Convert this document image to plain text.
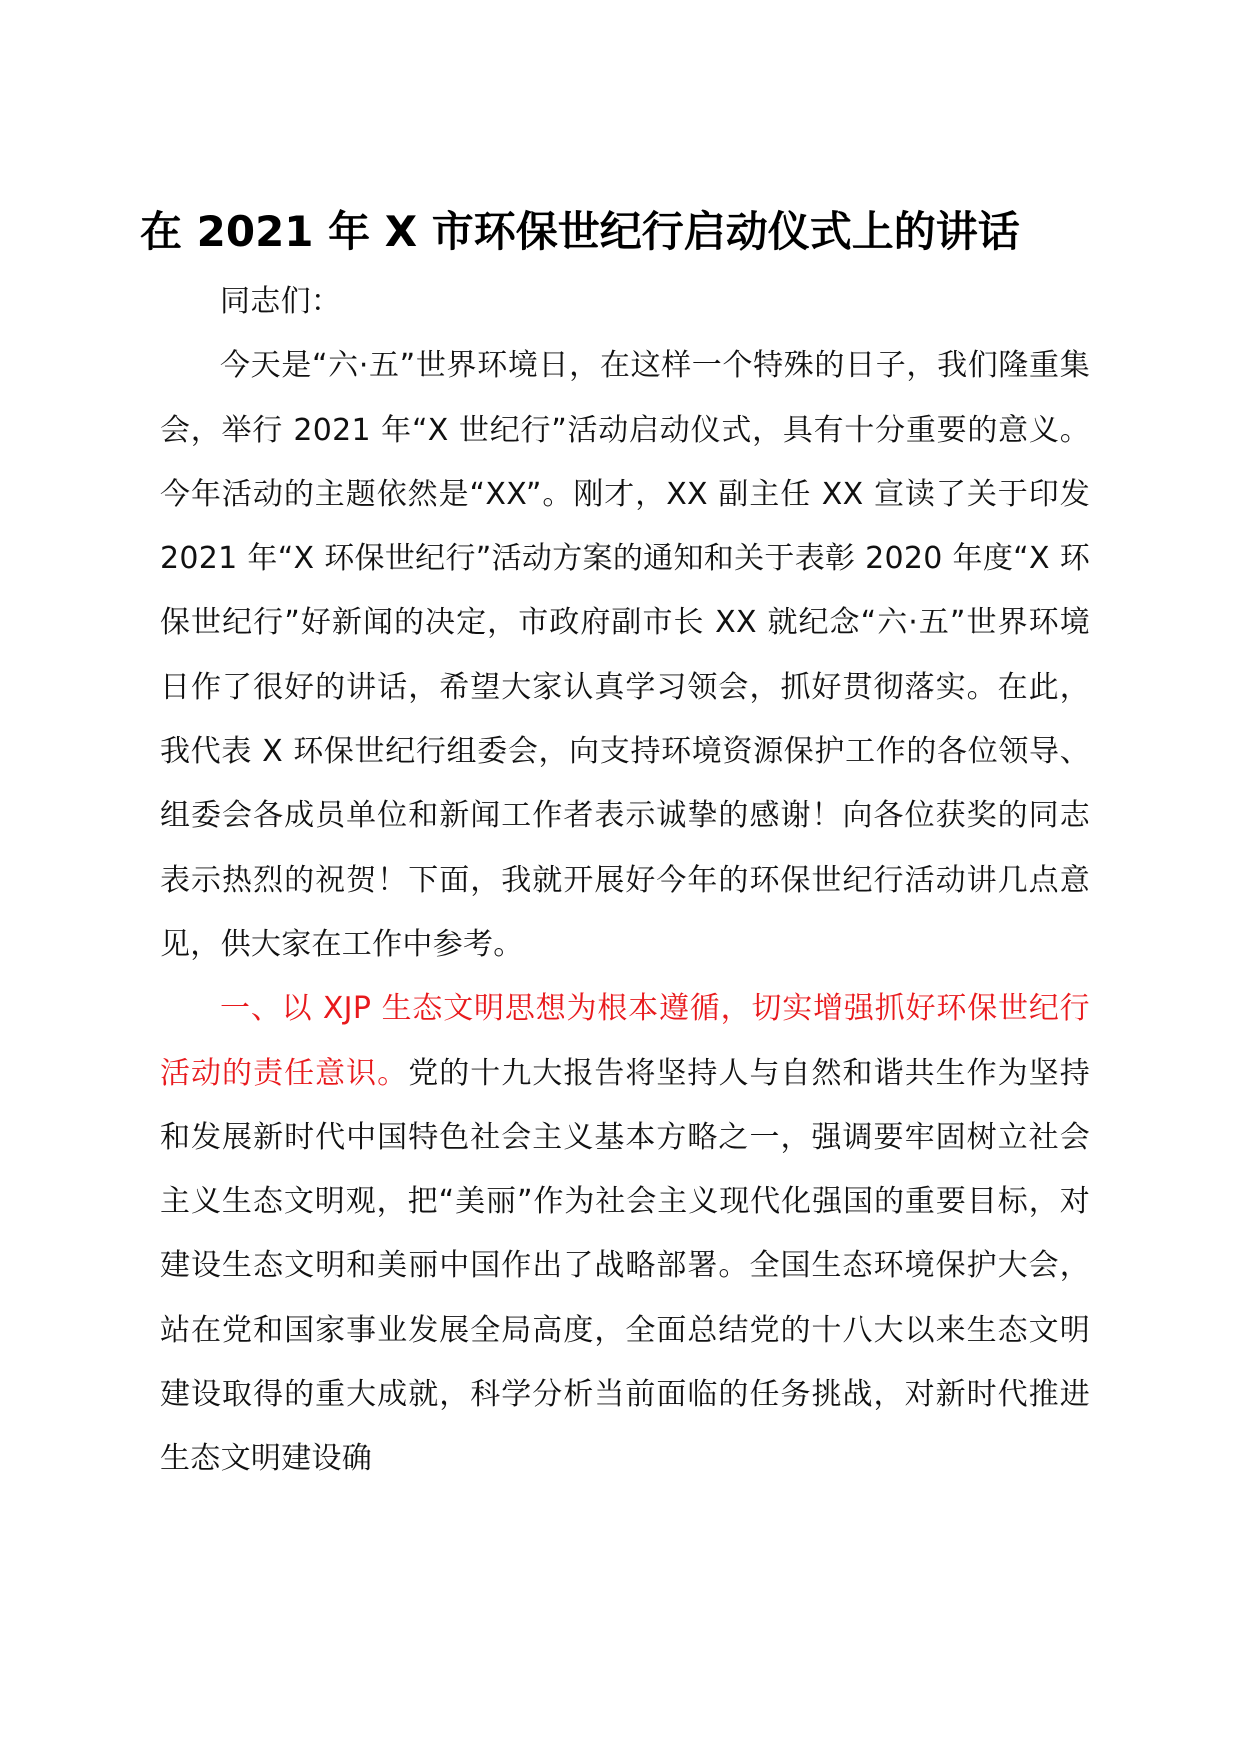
在 2021 年 X 市环保世纪行启动仪式上的讲话

同志们：

今天是“六·五”世界环境日，在这样一个特殊的日子，我们隆重集会，举行 2021 年“X 世纪行”活动启动仪式，具有十分重要的意义。今年活动的主题依然是“XX”。刚才，XX 副主任 XX 宣读了关于印发 2021 年“X 环保世纪行”活动方案的通知和关于表彰 2020 年度“X 环保世纪行”好新闻的决定，市政府副市长 XX 就纪念“六·五”世界环境日作了很好的讲话，希望大家认真学习领会，抓好贯彻落实。在此，我代表 X 环保世纪行组委会，向支持环境资源保护工作的各位领导、组委会各成员单位和新闻工作者表示诚挚的感谢！向各位获奖的同志表示热烈的祝贺！下面，我就开展好今年的环保世纪行活动讲几点意见，供大家在工作中参考。

一、以 XJP 生态文明思想为根本遵循，切实增强抓好环保世纪行活动的责任意识。党的十九大报告将坚持人与自然和谐共生作为坚持和发展新时代中国特色社会主义基本方略之一，强调要牢固树立社会主义生态文明观，把“美丽”作为社会主义现代化强国的重要目标，对建设生态文明和美丽中国作出了战略部署。全国生态环境保护大会，站在党和国家事业发展全局高度，全面总结党的十八大以来生态文明建设取得的重大成就，科学分析当前面临的任务挑战，对新时代推进生态文明建设确
